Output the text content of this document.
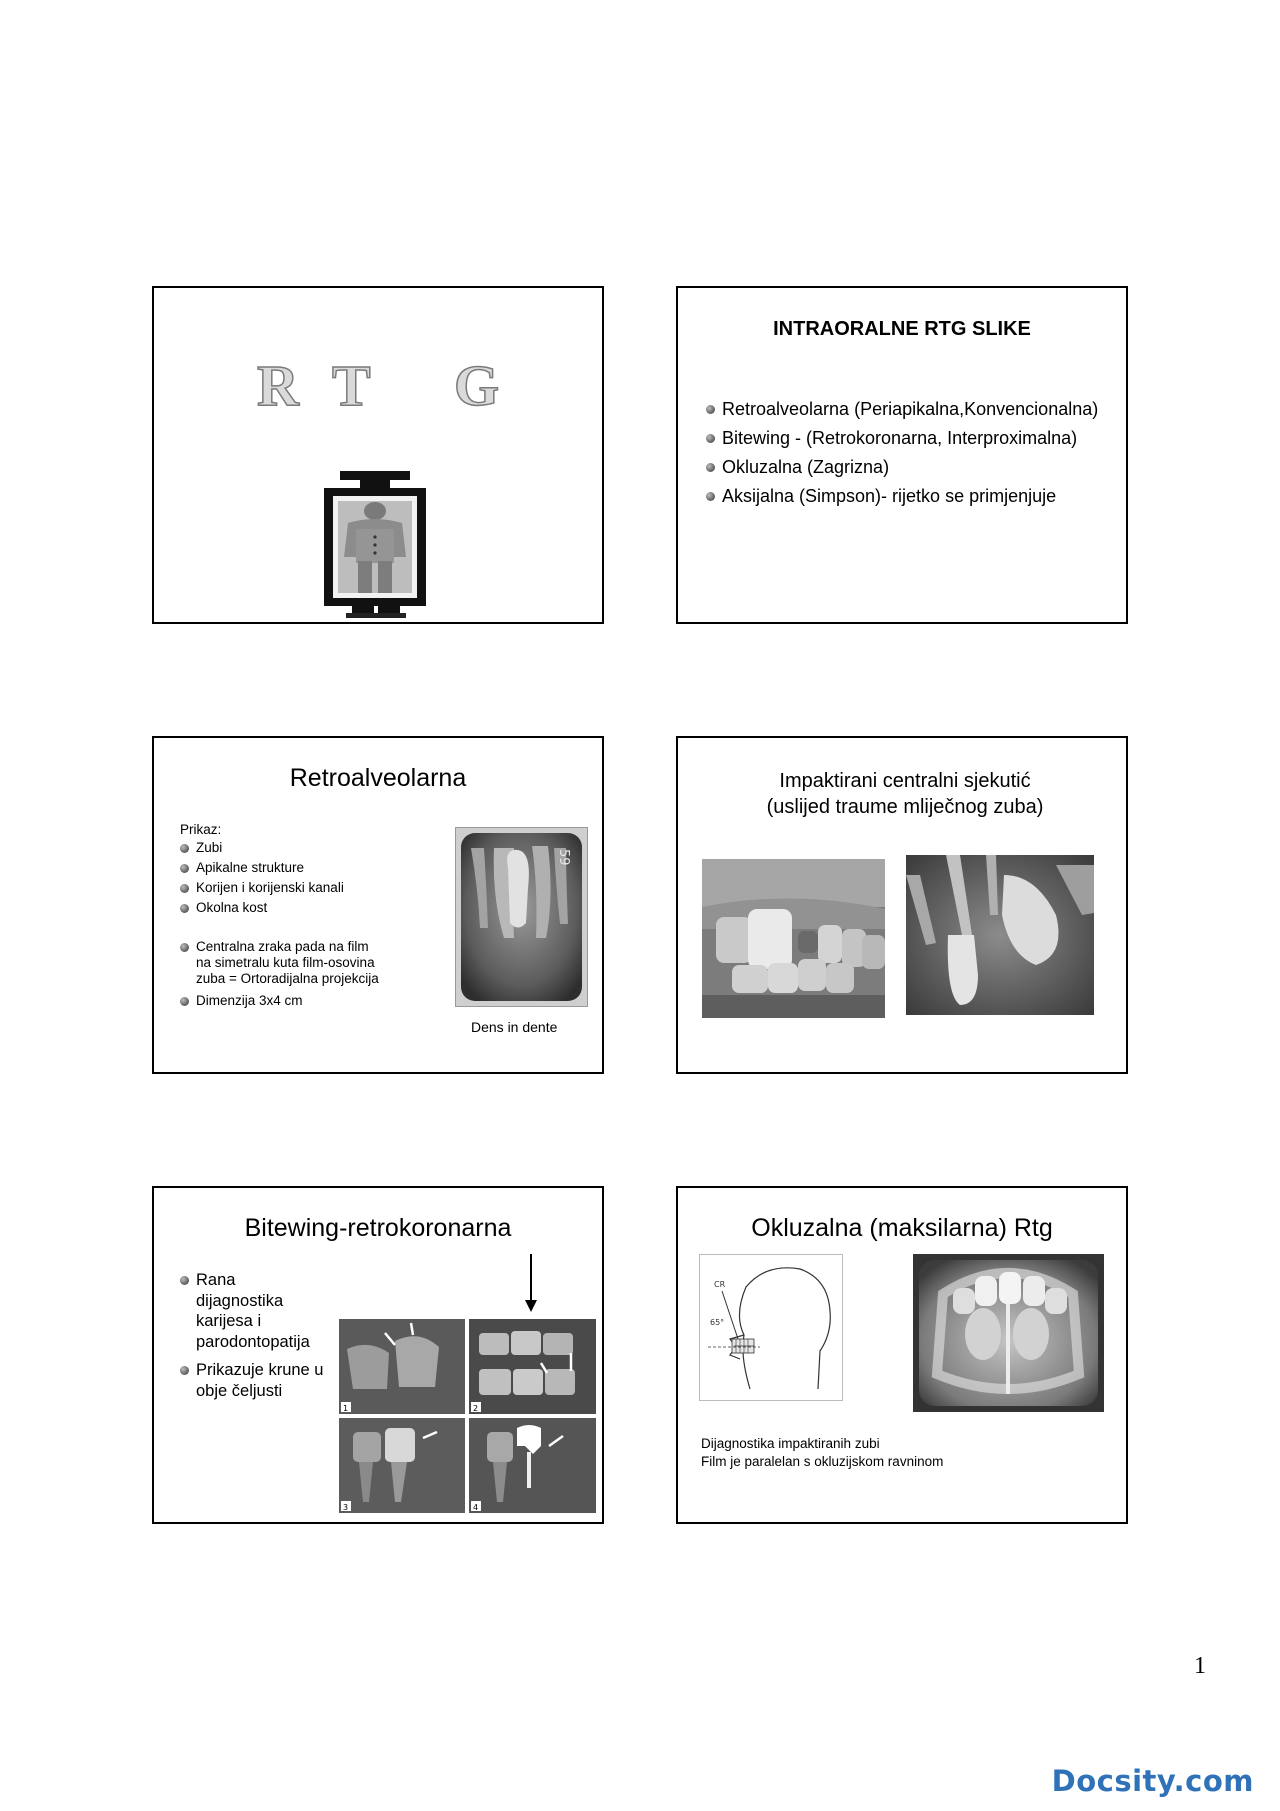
R T G
INTRAORALNE RTG SLIKE
Retroalveolarna (Periapikalna,Konvencionalna)
Bitewing - (Retrokoronarna, Interproximalna)
Okluzalna (Zagrizna)
Aksijalna (Simpson)- rijetko se primjenjuje
Retroalveolarna
Prikaz:
Zubi
Apikalne strukture
Korijen i korijenski kanali
Okolna kost
Centralna zraka pada na film na simetralu kuta film-osovina zuba = Ortoradijalna projekcija
Dimenzija 3x4 cm
59
Dens in dente
Impaktirani centralni sjekutić
(uslijed traume mliječnog zuba)
Bitewing-retrokoronarna
Rana dijagnostika karijesa i parodontopatija
Prikazuje krune u obje čeljusti
1	2
3	4
Okluzalna (maksilarna) Rtg
CR
65°
Dijagnostika impaktiranih zubi
Film je paralelan s okluzijskom ravninom
1
Docsity.com
